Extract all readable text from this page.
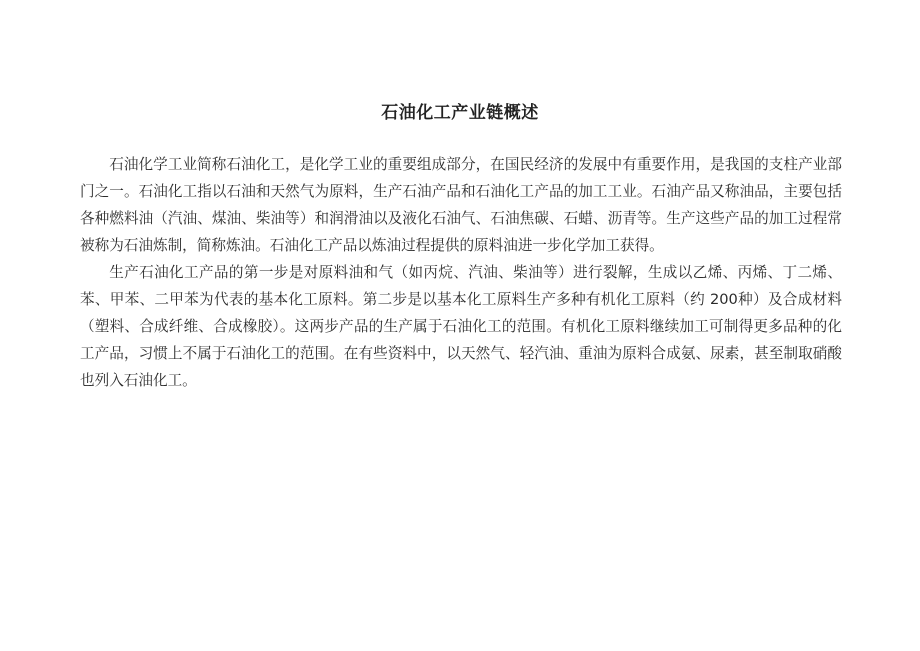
石油化工产业链概述

石油化学工业简称石油化工，是化学工业的重要组成部分，在国民经济的发展中有重要作用，是我国的支柱产业部门之一。石油化工指以石油和天然气为原料，生产石油产品和石油化工产品的加工工业。石油产品又称油品，主要包括各种燃料油（汽油、煤油、柴油等）和润滑油以及液化石油气、石油焦碳、石蜡、沥青等。生产这些产品的加工过程常被称为石油炼制，简称炼油。石油化工产品以炼油过程提供的原料油进一步化学加工获得。

生产石油化工产品的第一步是对原料油和气（如丙烷、汽油、柴油等）进行裂解，生成以乙烯、丙烯、丁二烯、苯、甲苯、二甲苯为代表的基本化工原料。第二步是以基本化工原料生产多种有机化工原料（约 200种）及合成材料（塑料、合成纤维、合成橡胶）。这两步产品的生产属于石油化工的范围。有机化工原料继续加工可制得更多品种的化工产品，习惯上不属于石油化工的范围。在有些资料中，以天然气、轻汽油、重油为原料合成氨、尿素，甚至制取硝酸也列入石油化工。
